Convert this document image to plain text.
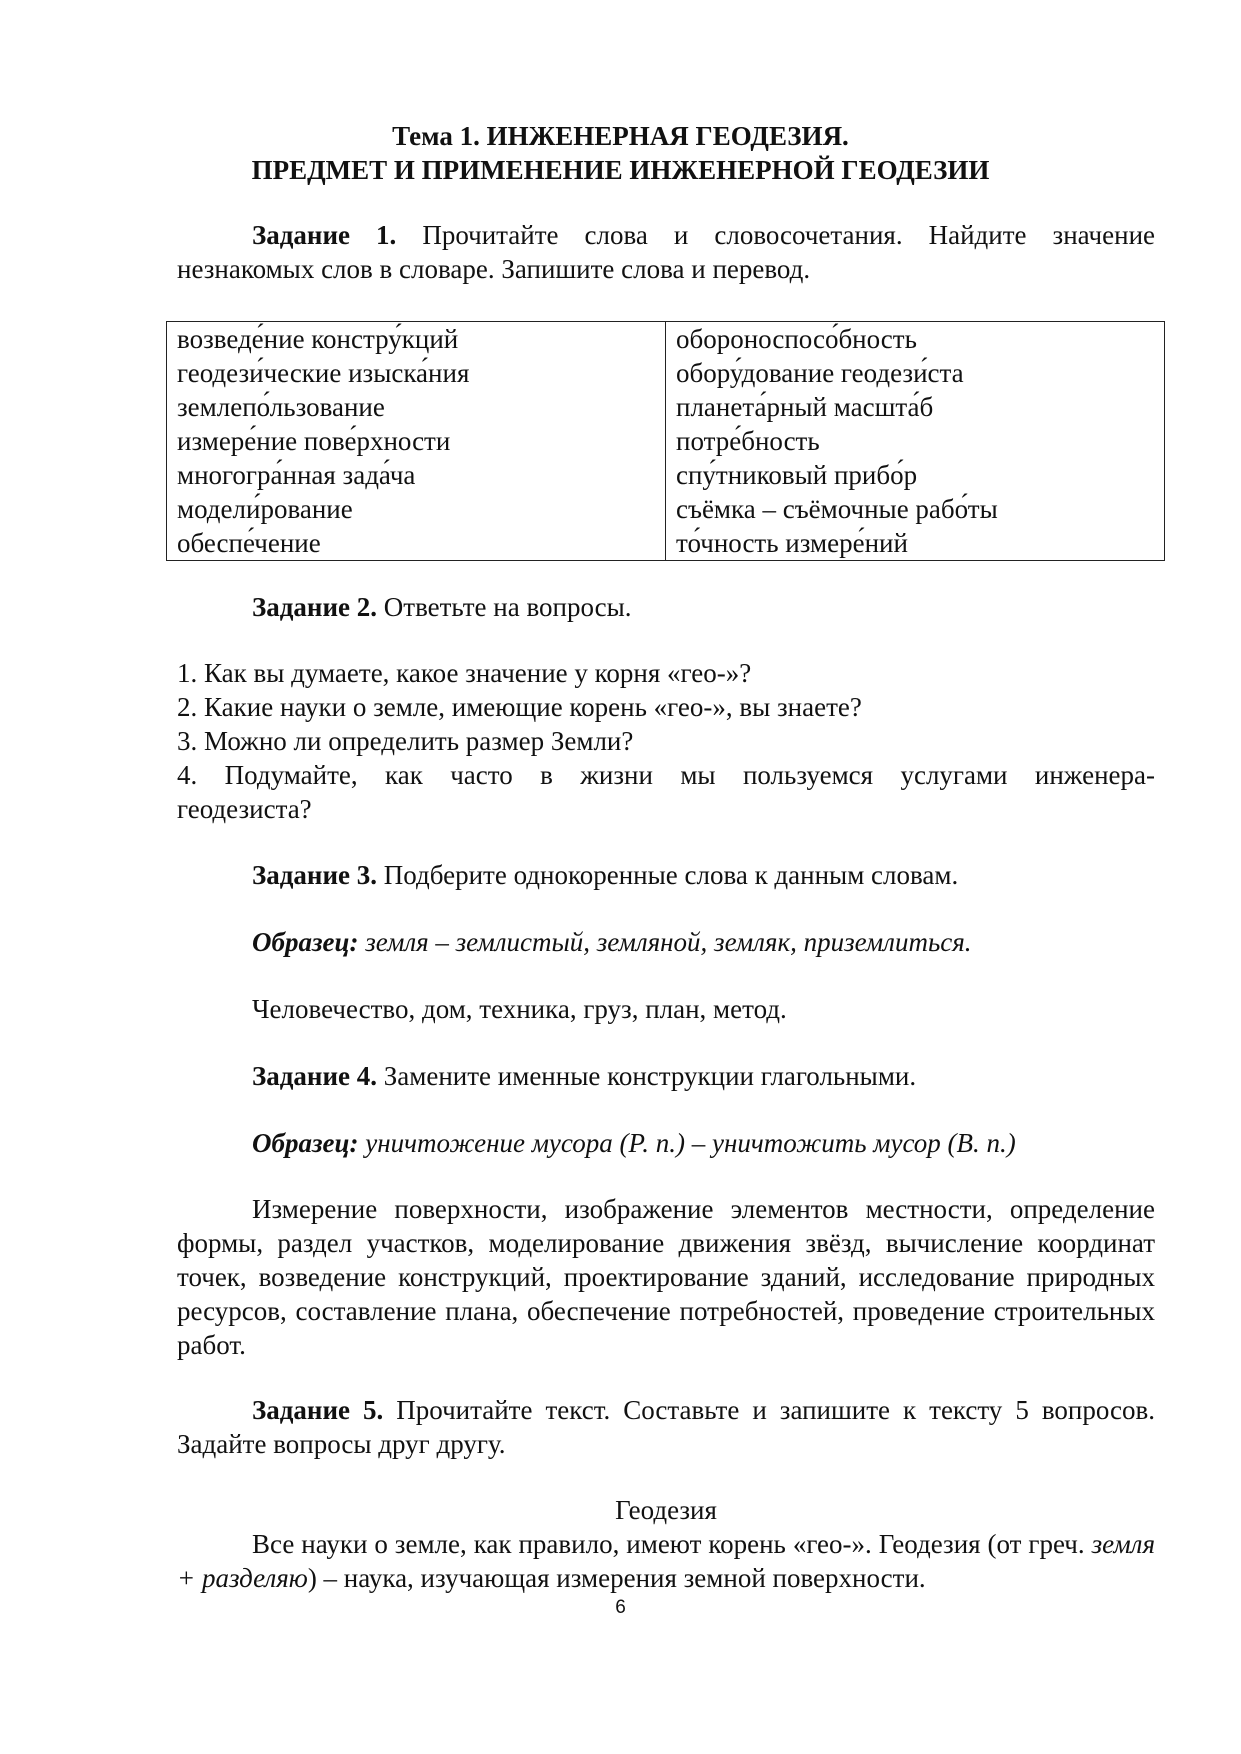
Тема 1. ИНЖЕНЕРНАЯ ГЕОДЕЗИЯ.
ПРЕДМЕТ И ПРИМЕНЕНИЕ ИНЖЕНЕРНОЙ ГЕОДЕЗИИ

Задание 1. Прочитайте слова и словосочетания. Найдите значение незнакомых слов в словаре. Запишите слова и перевод.

возведе́ние констру́кций
геодези́ческие изыска́ния
землепо́льзование
измере́ние пове́рхности
многогра́нная зада́ча
модели́рование
обеспе́чение

обороноспосо́бность
обору́дование геодези́ста
планета́рный масшта́б
потре́бность
спу́тниковый прибо́р
съёмка – съёмочные рабо́ты
то́чность измере́ний

Задание 2. Ответьте на вопросы.

1. Как вы думаете, какое значение у корня «гео-»?

2. Какие науки о земле, имеющие корень «гео-», вы знаете?

3. Можно ли определить размер Земли?

4. Подумайте, как часто в жизни мы пользуемся услугами инженера-геодезиста?

Задание 3. Подберите однокоренные слова к данным словам.

Образец: земля – землистый, земляной, земляк, приземлиться.

Человечество, дом, техника, груз, план, метод.

Задание 4. Замените именные конструкции глагольными.

Образец: уничтожение мусора (Р. п.) – уничтожить мусор (В. п.)

Измерение поверхности, изображение элементов местности, определение формы, раздел участков, моделирование движения звёзд, вычисление координат точек, возведение конструкций, проектирование зданий, исследование природных ресурсов, составление плана, обеспечение потребностей, проведение строительных работ.

Задание 5. Прочитайте текст. Составьте и запишите к тексту 5 вопросов. Задайте вопросы друг другу.

Геодезия

Все науки о земле, как правило, имеют корень «гео-». Геодезия (от греч. земля + разделяю) – наука, изучающая измерения земной поверхности.

6
